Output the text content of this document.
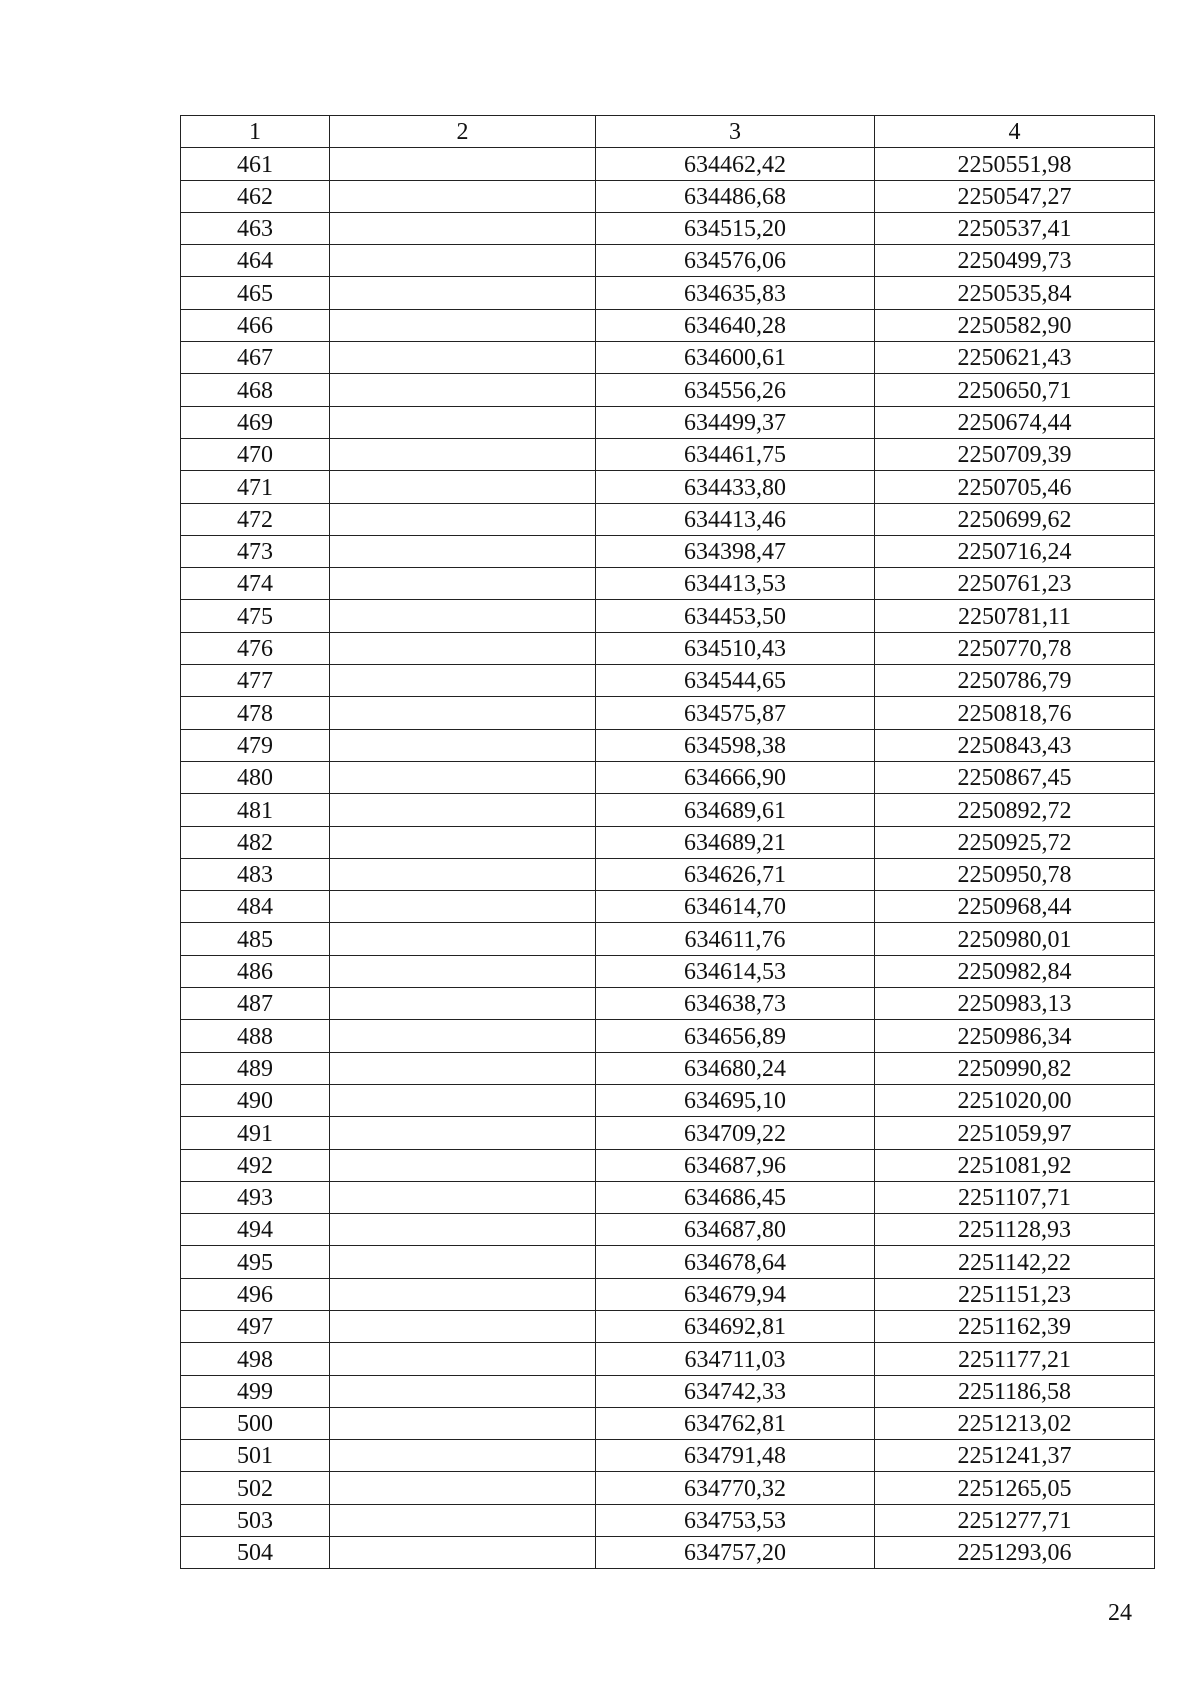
1	2	3	4
461		634462,42	2250551,98
462		634486,68	2250547,27
463		634515,20	2250537,41
464		634576,06	2250499,73
465		634635,83	2250535,84
466		634640,28	2250582,90
467		634600,61	2250621,43
468		634556,26	2250650,71
469		634499,37	2250674,44
470		634461,75	2250709,39
471		634433,80	2250705,46
472		634413,46	2250699,62
473		634398,47	2250716,24
474		634413,53	2250761,23
475		634453,50	2250781,11
476		634510,43	2250770,78
477		634544,65	2250786,79
478		634575,87	2250818,76
479		634598,38	2250843,43
480		634666,90	2250867,45
481		634689,61	2250892,72
482		634689,21	2250925,72
483		634626,71	2250950,78
484		634614,70	2250968,44
485		634611,76	2250980,01
486		634614,53	2250982,84
487		634638,73	2250983,13
488		634656,89	2250986,34
489		634680,24	2250990,82
490		634695,10	2251020,00
491		634709,22	2251059,97
492		634687,96	2251081,92
493		634686,45	2251107,71
494		634687,80	2251128,93
495		634678,64	2251142,22
496		634679,94	2251151,23
497		634692,81	2251162,39
498		634711,03	2251177,21
499		634742,33	2251186,58
500		634762,81	2251213,02
501		634791,48	2251241,37
502		634770,32	2251265,05
503		634753,53	2251277,71
504		634757,20	2251293,06
24
